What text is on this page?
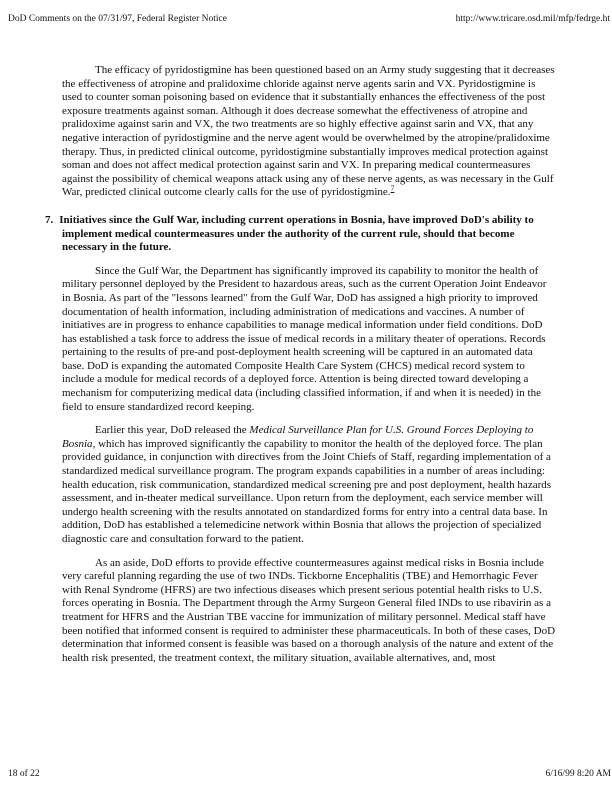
DoD Comments on the 07/31/97, Federal Register Notice	http://www.tricare.osd.mil/mfp/fedrge.ht

The efficacy of pyridostigmine has been questioned based on an Army study suggesting that it decreases the effectiveness of atropine and pralidoxime chloride against nerve agents sarin and VX. Pyridostigmine is used to counter soman poisoning based on evidence that it substantially enhances the effectiveness of the post exposure treatments against soman. Although it does decrease somewhat the effectiveness of atropine and pralidoxime against sarin and VX, the two treatments are so highly effective against sarin and VX, that any negative interaction of pyridostigmine and the nerve agent would be overwhelmed by the atropine/pralidoxime therapy. Thus, in predicted clinical outcome, pyridostigmine substantially improves medical protection against soman and does not affect medical protection against sarin and VX. In preparing medical countermeasures against the possibility of chemical weapons attack using any of these nerve agents, as was necessary in the Gulf War, predicted clinical outcome clearly calls for the use of pyridostigmine.$^7$

7. Initiatives since the Gulf War, including current operations in Bosnia, have improved DoD's ability to implement medical countermeasures under the authority of the current rule, should that become necessary in the future.

Since the Gulf War, the Department has significantly improved its capability to monitor the health of military personnel deployed by the President to hazardous areas, such as the current Operation Joint Endeavor in Bosnia. As part of the "lessons learned" from the Gulf War, DoD has assigned a high priority to improved documentation of health information, including administration of medications and vaccines. A number of initiatives are in progress to enhance capabilities to manage medical information under field conditions. DoD has established a task force to address the issue of medical records in a military theater of operations. Records pertaining to the results of pre-and post-deployment health screening will be captured in an automated data base. DoD is expanding the automated Composite Health Care System (CHCS) medical record system to include a module for medical records of a deployed force. Attention is being directed toward developing a mechanism for computerizing medical data (including classified information, if and when it is needed) in the field to ensure standardized record keeping.

Earlier this year, DoD released the Medical Surveillance Plan for U.S. Ground Forces Deploying to Bosnia, which has improved significantly the capability to monitor the health of the deployed force. The plan provided guidance, in conjunction with directives from the Joint Chiefs of Staff, regarding implementation of a standardized medical surveillance program. The program expands capabilities in a number of areas including: health education, risk communication, standardized medical screening pre and post deployment, health hazards assessment, and in-theater medical surveillance. Upon return from the deployment, each service member will undergo health screening with the results annotated on standardized forms for entry into a central data base. In addition, DoD has established a telemedicine network within Bosnia that allows the projection of specialized diagnostic care and consultation forward to the patient.

As an aside, DoD efforts to provide effective countermeasures against medical risks in Bosnia include very careful planning regarding the use of two INDs. Tickborne Encephalitis (TBE) and Hemorrhagic Fever with Renal Syndrome (HFRS) are two infectious diseases which present serious potential health risks to U.S. forces operating in Bosnia. The Department through the Army Surgeon General filed INDs to use ribavirin as a treatment for HFRS and the Austrian TBE vaccine for immunization of military personnel. Medical staff have been notified that informed consent is required to administer these pharmaceuticals. In both of these cases, DoD determination that informed consent is feasible was based on a thorough analysis of the nature and extent of the health risk presented, the treatment context, the military situation, available alternatives, and, most

18 of 22	6/16/99 8:20 AM
